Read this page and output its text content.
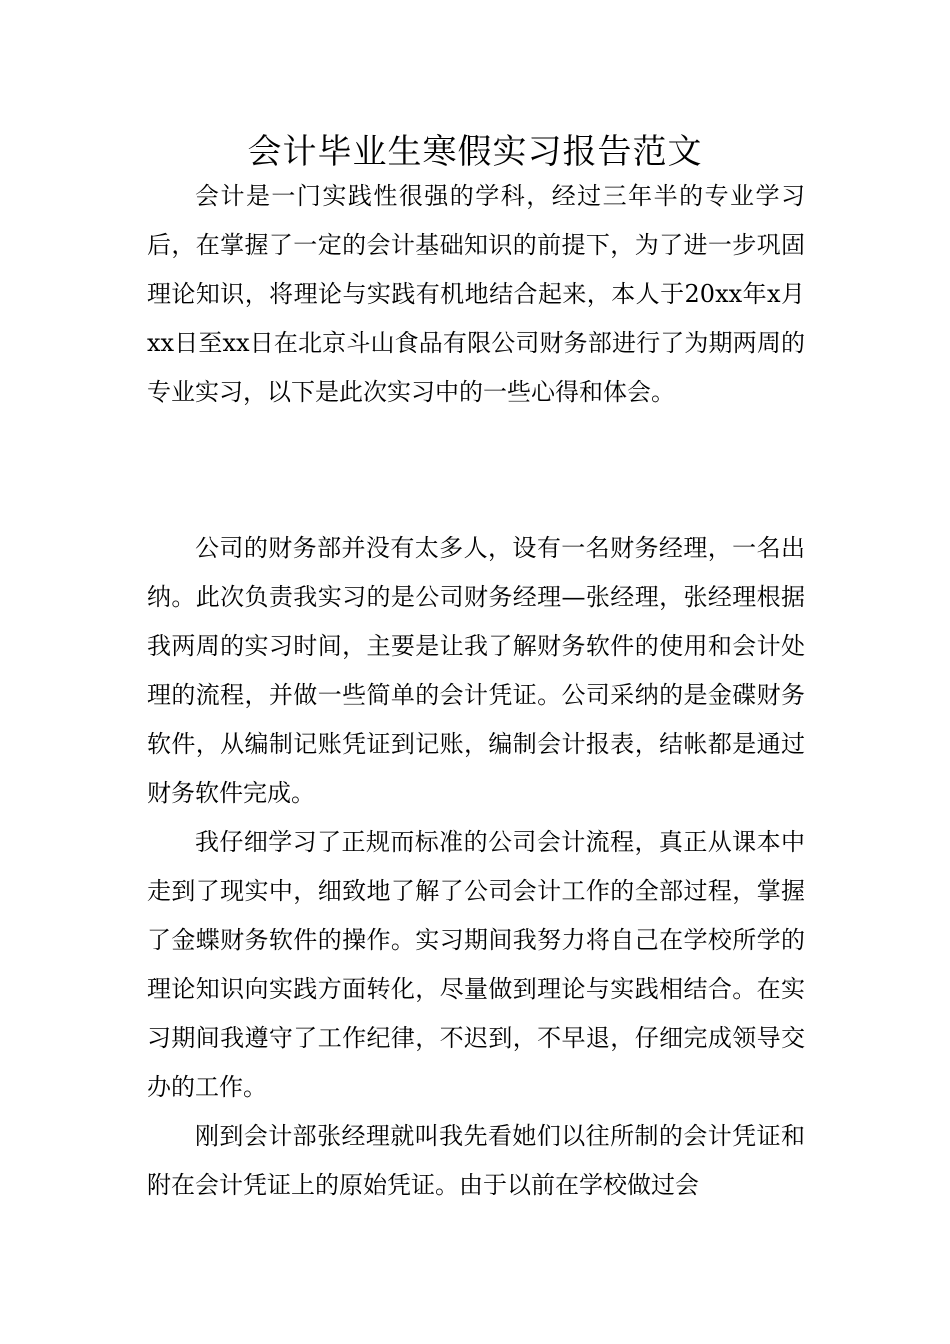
会计毕业生寒假实习报告范文

会计是一门实践性很强的学科，经过三年半的专业学习后，在掌握了一定的会计基础知识的前提下，为了进一步巩固理论知识，将理论与实践有机地结合起来，本人于20xx年x月xx日至xx日在北京斗山食品有限公司财务部进行了为期两周的专业实习，以下是此次实习中的一些心得和体会。

公司的财务部并没有太多人，设有一名财务经理，一名出纳。此次负责我实习的是公司财务经理—张经理，张经理根据我两周的实习时间，主要是让我了解财务软件的使用和会计处理的流程，并做一些简单的会计凭证。公司采纳的是金碟财务软件，从编制记账凭证到记账，编制会计报表，结帐都是通过财务软件完成。

我仔细学习了正规而标准的公司会计流程，真正从课本中走到了现实中，细致地了解了公司会计工作的全部过程，掌握了金蝶财务软件的操作。实习期间我努力将自己在学校所学的理论知识向实践方面转化，尽量做到理论与实践相结合。在实习期间我遵守了工作纪律，不迟到，不早退，仔细完成领导交办的工作。

刚到会计部张经理就叫我先看她们以往所制的会计凭证和附在会计凭证上的原始凭证。由于以前在学校做过会
